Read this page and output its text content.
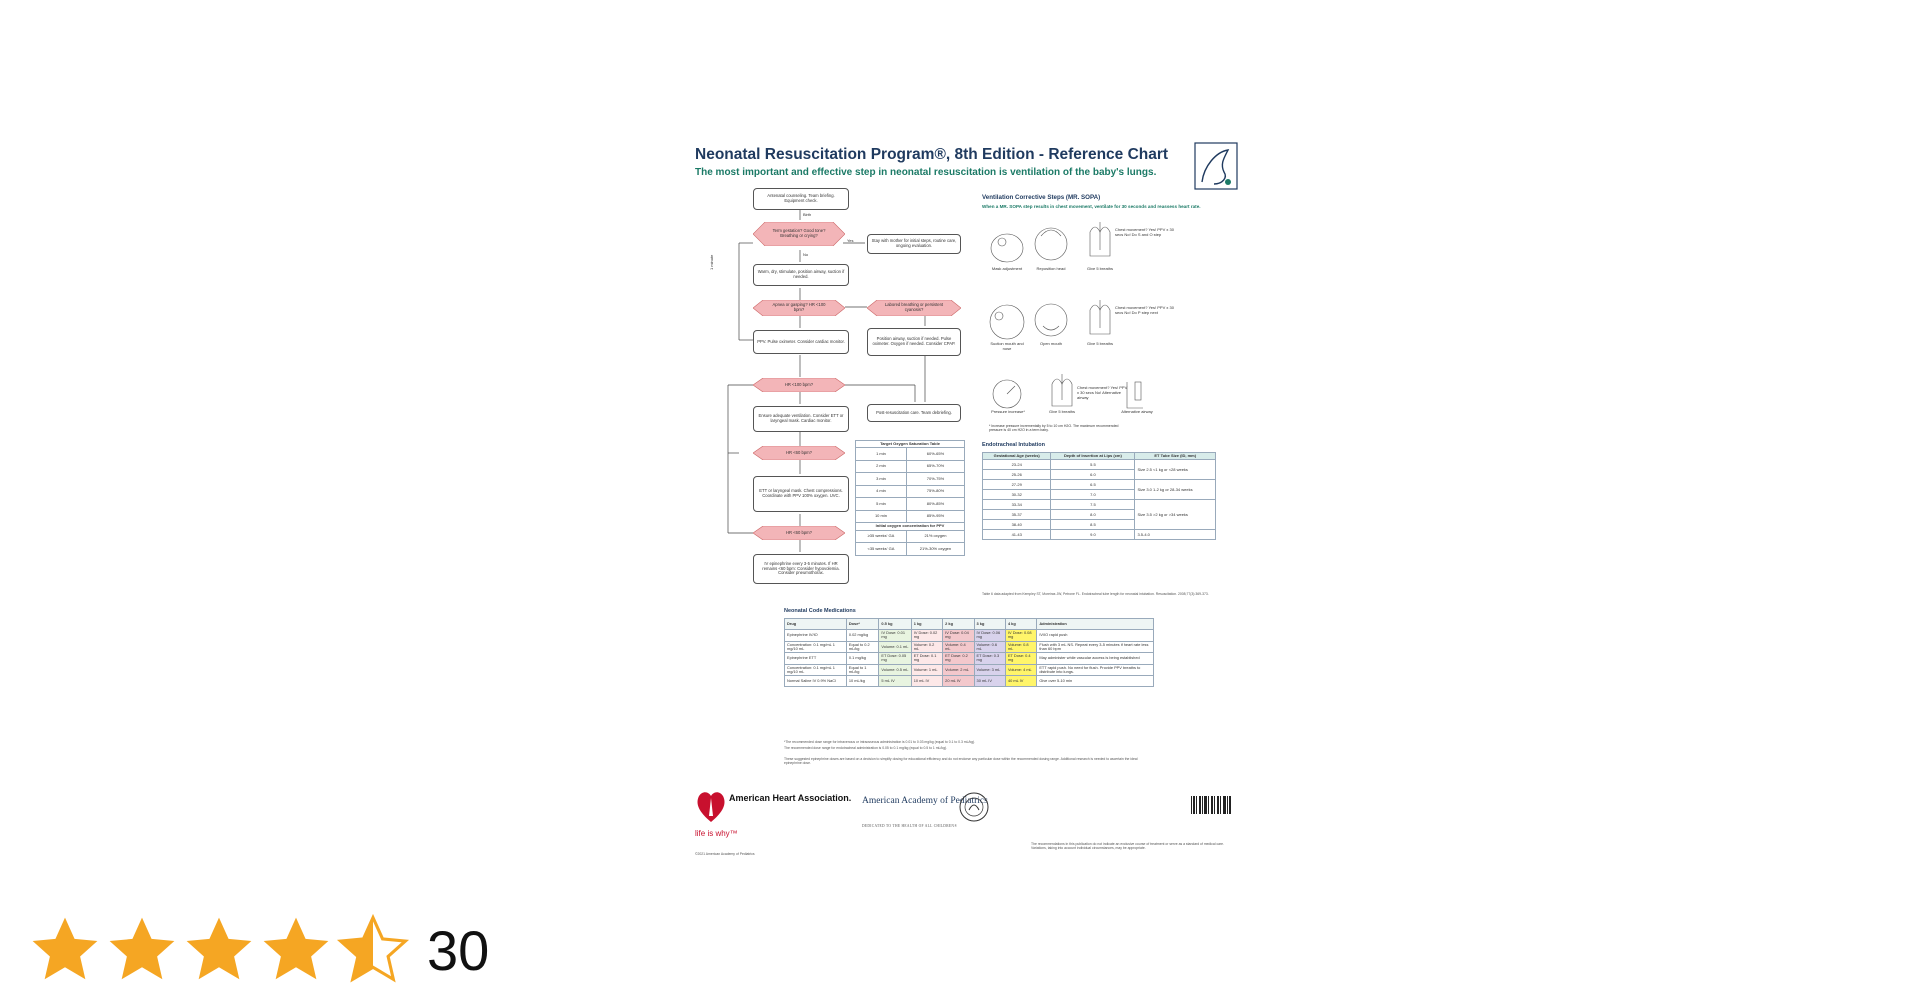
Neonatal Resuscitation Program®, 8th Edition - Reference Chart
The most important and effective step in neonatal resuscitation is ventilation of the baby's lungs.
Antenatal counseling. Team briefing. Equipment check.
Birth
Term gestation? Good tone? Breathing or crying?
Yes	Stay with mother for initial steps, routine care, ongoing evaluation.
No
Warm, dry, stimulate, position airway, suction if needed.
Apnea or gasping? HR <100 bpm?
Labored breathing or persistent cyanosis?
PPV. Pulse oximeter. Consider cardiac monitor.	Position airway, suction if needed. Pulse oximeter. Oxygen if needed. Consider CPAP.
HR <100 bpm?
Post-resuscitation care. Team debriefing.
Ensure adequate ventilation. Consider ETT or laryngeal mask. Cardiac monitor.
HR <60 bpm?
ETT or laryngeal mask. Chest compressions. Coordinate with PPV 100% oxygen. UVC.
HR <60 bpm?
IV epinephrine every 3-5 minutes. If HR remains <60 bpm: Consider hypovolemia. Consider pneumothorax.
1 minute
Target Oxygen Saturation Table	
1 min	60%-65%
2 min	65%-70%
3 min	70%-75%
4 min	75%-80%
5 min	80%-85%
10 min	85%-95%
Initial oxygen concentration for PPV	
≥35 weeks' GA	21% oxygen
<35 weeks' GA	21%-30% oxygen
Ventilation Corrective Steps (MR. SOPA)
When a MR. SOPA step results in chest movement, ventilate for 30 seconds and reassess heart rate.
Mask adjustment	Reposition head	Give 5 breaths
Chest movement? Yes! PPV x 30 secs No! Do S and O step
Suction mouth and nose
Open mouth	Give 5 breaths
Chest movement? Yes! PPV x 30 secs No! Do P step next
Pressure increase*	Give 5 breaths
Chest movement? Yes! PPV x 30 secs No! Alternative airway
Alternative airway
* Increase pressure incrementally by 5 to 10 cm H2O. The maximum recommended pressure is 40 cm H2O in a term baby.
Endotracheal Intubation
Gestational Age (weeks)	Depth of Insertion at Lips (cm)	ET Tube Size (ID, mm)
23-24	5.5	Size 2.5 <1 kg or <28 weeks
25-26	6.0	
27-29	6.5	Size 3.0 1-2 kg or 28-34 weeks
30-32	7.0	
33-34	7.5	Size 3.5 >2 kg or >34 weeks
35-37	8.0	
38-40	8.5	
41-43	9.0	3.5-4.0
Table 6 data adapted from Kempley ST, Moreiras JW, Petrone FL. Endotracheal tube length for neonatal intubation. Resuscitation. 2008;77(3):369-373.
Neonatal Code Medications
Drug	Dose*	0.5 kg	1 kg	2 kg	3 kg	4 kg	Administration
Epinephrine IV/IO	0.02 mg/kg	IV Dose: 0.01 mg	IV Dose: 0.02 mg	IV Dose: 0.04 mg	IV Dose: 0.06 mg	IV Dose: 0.08 mg	IV/IO rapid push
Concentration: 0.1 mg/mL 1 mg/10 mL	Equal to 0.2 mL/kg	Volume: 0.1 mL	Volume: 0.2 mL	Volume: 0.4 mL	Volume: 0.6 mL	Volume: 0.8 mL	Flush with 3 mL NS. Repeat every 3-5 minutes if heart rate less than 60 bpm
Epinephrine ETT	0.1 mg/kg	ET Dose: 0.05 mg	ET Dose: 0.1 mg	ET Dose: 0.2 mg	ET Dose: 0.3 mg	ET Dose: 0.4 mg	May administer while vascular access is being established
Concentration: 0.1 mg/mL 1 mg/10 mL	Equal to 1 mL/kg	Volume: 0.5 mL	Volume: 1 mL	Volume: 2 mL	Volume: 3 mL	Volume: 4 mL	ETT rapid push. No need for flush. Provide PPV breaths to distribute into lungs.
Normal Saline IV 0.9% NaCl	10 mL/kg	5 mL IV	10 mL IV	20 mL IV	30 mL IV	40 mL IV	Give over 5-10 min
*The recommended dose range for intravenous or intraosseous administration is 0.01 to 0.03 mg/kg (equal to 0.1 to 0.3 mL/kg).
The recommended dose range for endotracheal administration is 0.05 to 0.1 mg/kg (equal to 0.5 to 1 mL/kg).
These suggested epinephrine doses are based on a decision to simplify dosing for educational efficiency and do not endorse any particular dose within the recommended dosing range. Additional research is needed to ascertain the ideal epinephrine dose.
American Heart Association.
life is why™
American Academy of Pediatrics
DEDICATED TO THE HEALTH OF ALL CHILDREN®
©2021 American Academy of Pediatrics
The recommendations in this publication do not indicate an exclusive course of treatment or serve as a standard of medical care. Variations, taking into account individual circumstances, may be appropriate.
30
